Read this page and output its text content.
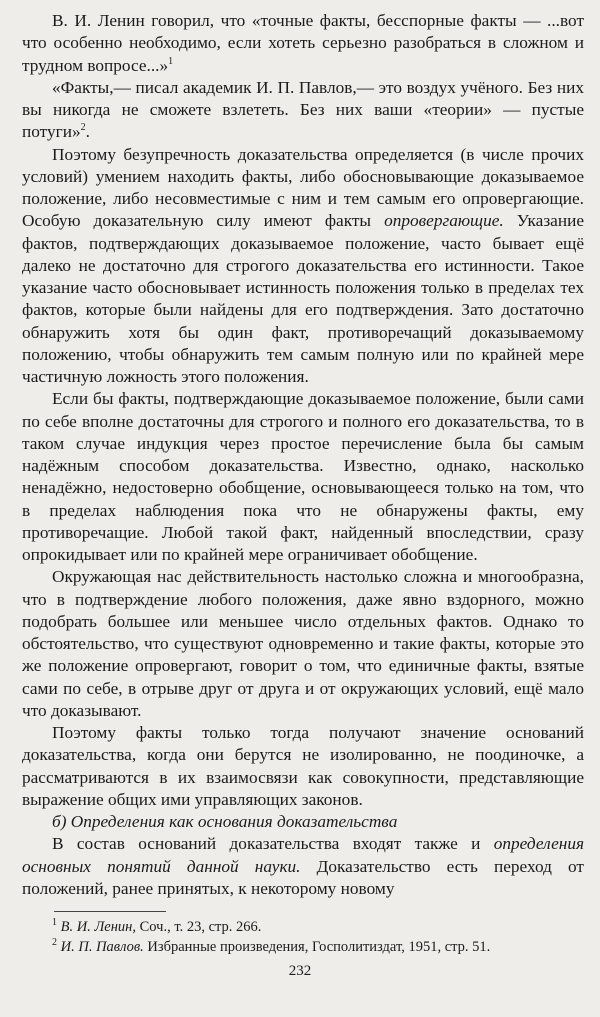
В. И. Ленин говорил, что «точные факты, бесспорные факты — ...вот что особенно необходимо, если хотеть серьезно разобраться в сложном и трудном вопросе...»$^1$

«Факты,— писал академик И. П. Павлов,— это воздух учёного. Без них вы никогда не сможете взлететь. Без них ваши «теории» — пустые потуги»$^2$.

Поэтому безупречность доказательства определяется (в числе прочих условий) умением находить факты, либо обосновывающие доказываемое положение, либо несовместимые с ним и тем самым его опровергающие. Особую доказательную силу имеют факты опровергающие. Указание фактов, подтверждающих доказываемое положение, часто бывает ещё далеко не достаточно для строгого доказательства его истинности. Такое указание часто обосновывает истинность положения только в пределах тех фактов, которые были найдены для его подтверждения. Зато достаточно обнаружить хотя бы один факт, противоречащий доказываемому положению, чтобы обнаружить тем самым полную или по крайней мере частичную ложность этого положения.

Если бы факты, подтверждающие доказываемое положение, были сами по себе вполне достаточны для строгого и полного его доказательства, то в таком случае индукция через простое перечисление была бы самым надёжным способом доказательства. Известно, однако, насколько ненадёжно, недостоверно обобщение, основывающееся только на том, что в пределах наблюдения пока что не обнаружены факты, ему противоречащие. Любой такой факт, найденный впоследствии, сразу опрокидывает или по крайней мере ограничивает обобщение.

Окружающая нас действительность настолько сложна и многообразна, что в подтверждение любого положения, даже явно вздорного, можно подобрать большее или меньшее число отдельных фактов. Однако то обстоятельство, что существуют одновременно и такие факты, которые это же положение опровергают, говорит о том, что единичные факты, взятые сами по себе, в отрыве друг от друга и от окружающих условий, ещё мало что доказывают.

Поэтому факты только тогда получают значение оснований доказательства, когда они берутся не изолированно, не поодиночке, а рассматриваются в их взаимосвязи как совокупности, представляющие выражение общих ими управляющих законов.

б) Определения как основания доказательства

В состав оснований доказательства входят также и определения основных понятий данной науки. Доказательство есть переход от положений, ранее принятых, к некоторому новому

$^1$ В. И. Ленин, Соч., т. 23, стр. 266.

$^2$ И. П. Павлов. Избранные произведения, Госполитиздат, 1951, стр. 51.

232
